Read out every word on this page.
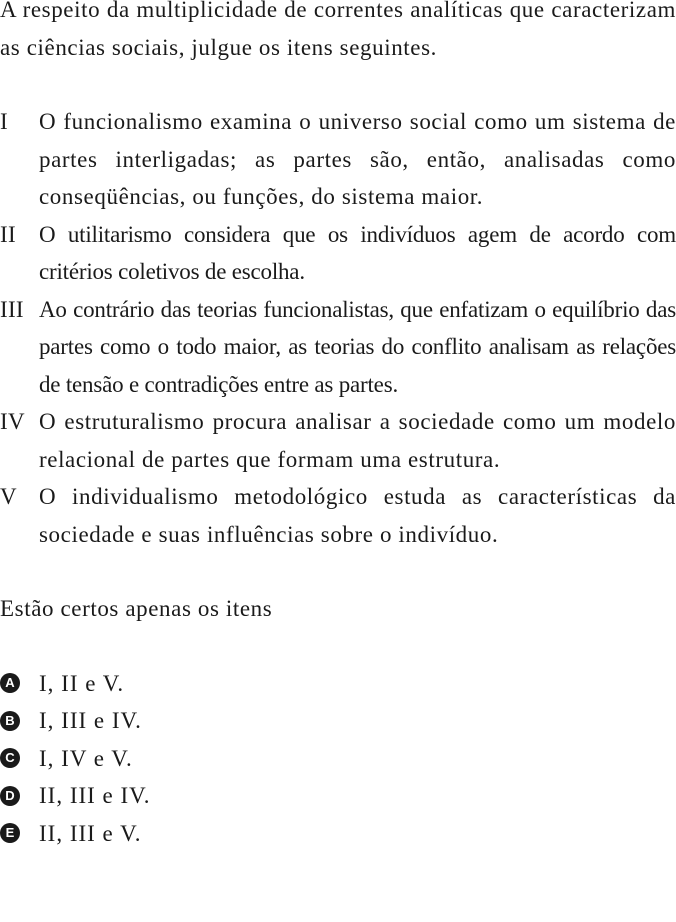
A respeito da multiplicidade de correntes analíticas que caracterizam as ciências sociais, julgue os itens seguintes.

I	O funcionalismo examina o universo social como um sistema de partes interligadas; as partes são, então, analisadas como conseqüências, ou funções, do sistema maior.
II	O utilitarismo considera que os indivíduos agem de acordo com critérios coletivos de escolha.
III Ao contrário das teorias funcionalistas, que enfatizam o equilíbrio das partes como o todo maior, as teorias do conflito analisam as relações de tensão e contradições entre as partes.
IV O estruturalismo procura analisar a sociedade como um modelo relacional de partes que formam uma estrutura.
V O individualismo metodológico estuda as características da sociedade e suas influências sobre o indivíduo.
Estão certos apenas os itens
A I, II e V.
B I, III e IV.
C I, IV e V.
D II, III e IV.
E II, III e V.
